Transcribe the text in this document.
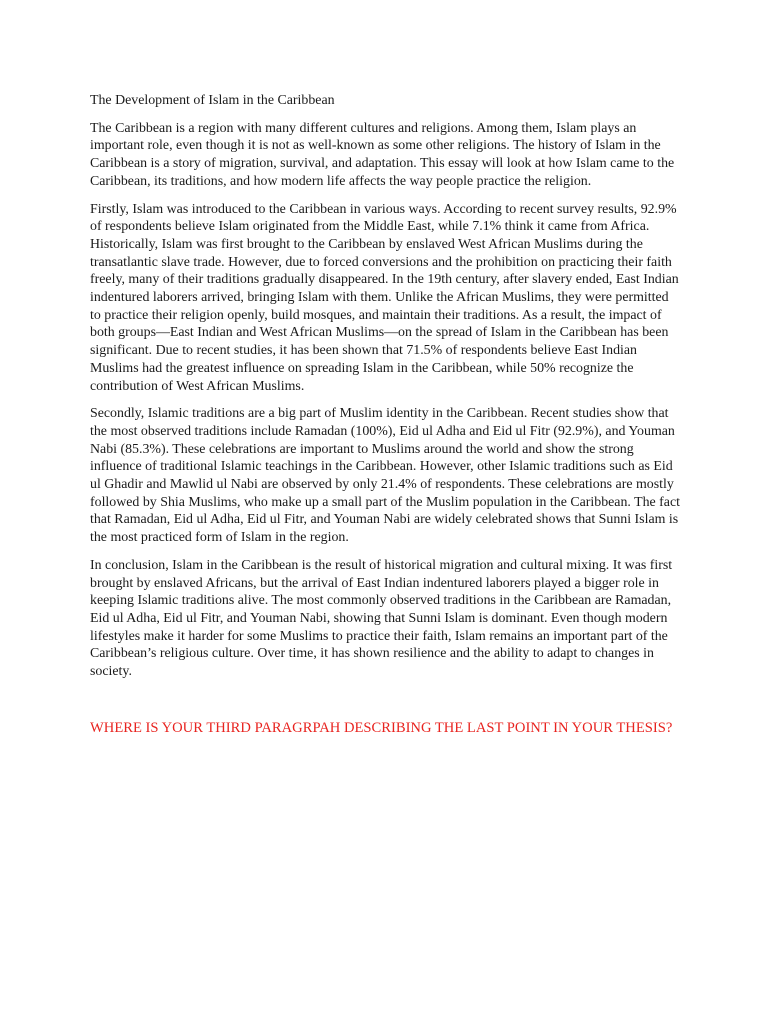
The Development of Islam in the Caribbean

The Caribbean is a region with many different cultures and religions. Among them, Islam plays an important role, even though it is not as well-known as some other religions. The history of Islam in the Caribbean is a story of migration, survival, and adaptation. This essay will look at how Islam came to the Caribbean, its traditions, and how modern life affects the way people practice the religion.

Firstly, Islam was introduced to the Caribbean in various ways. According to recent survey results, 92.9% of respondents believe Islam originated from the Middle East, while 7.1% think it came from Africa. Historically, Islam was first brought to the Caribbean by enslaved West African Muslims during the transatlantic slave trade. However, due to forced conversions and the prohibition on practicing their faith freely, many of their traditions gradually disappeared. In the 19th century, after slavery ended, East Indian indentured laborers arrived, bringing Islam with them. Unlike the African Muslims, they were permitted to practice their religion openly, build mosques, and maintain their traditions. As a result, the impact of both groups—East Indian and West African Muslims—on the spread of Islam in the Caribbean has been significant. Due to recent studies, it has been shown that 71.5% of respondents believe East Indian Muslims had the greatest influence on spreading Islam in the Caribbean, while 50% recognize the contribution of West African Muslims.

Secondly, Islamic traditions are a big part of Muslim identity in the Caribbean. Recent studies show that the most observed traditions include Ramadan (100%), Eid ul Adha and Eid ul Fitr (92.9%), and Youman Nabi (85.3%). These celebrations are important to Muslims around the world and show the strong influence of traditional Islamic teachings in the Caribbean. However, other Islamic traditions such as Eid ul Ghadir and Mawlid ul Nabi are observed by only 21.4% of respondents. These celebrations are mostly followed by Shia Muslims, who make up a small part of the Muslim population in the Caribbean. The fact that Ramadan, Eid ul Adha, Eid ul Fitr, and Youman Nabi are widely celebrated shows that Sunni Islam is the most practiced form of Islam in the region.

In conclusion, Islam in the Caribbean is the result of historical migration and cultural mixing. It was first brought by enslaved Africans, but the arrival of East Indian indentured laborers played a bigger role in keeping Islamic traditions alive. The most commonly observed traditions in the Caribbean are Ramadan, Eid ul Adha, Eid ul Fitr, and Youman Nabi, showing that Sunni Islam is dominant. Even though modern lifestyles make it harder for some Muslims to practice their faith, Islam remains an important part of the Caribbean’s religious culture. Over time, it has shown resilience and the ability to adapt to changes in society.

WHERE IS YOUR THIRD PARAGRPAH DESCRIBING THE LAST POINT IN YOUR THESIS?
